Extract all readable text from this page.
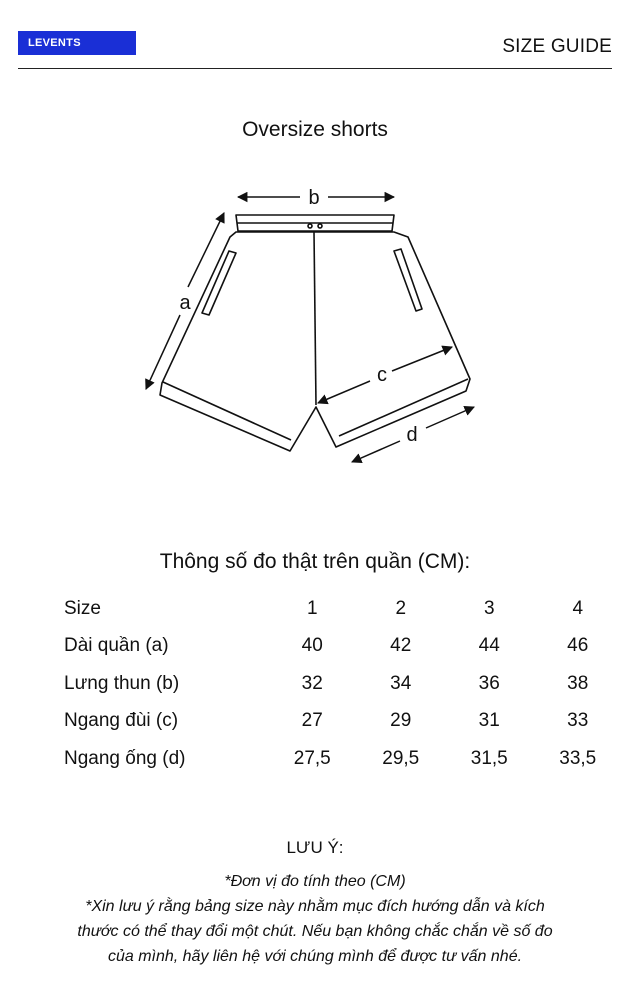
LEVENTS	SIZE GUIDE
Oversize shorts
b
a
c
d
Thông số đo thật trên quần (CM):
Size	1	2	3	4
Dài quần (a)	40	42	44	46
Lưng thun (b)	32	34	36	38
Ngang đùi (c)	27	29	31	33
Ngang ống (d)	27,5	29,5	31,5	33,5
LƯU Ý:
*Đơn vị đo tính theo (CM)
*Xin lưu ý rằng bảng size này nhằm mục đích hướng dẫn và kích
thước có thể thay đổi một chút. Nếu bạn không chắc chắn về số đo
của mình, hãy liên hệ với chúng mình để được tư vấn nhé.
